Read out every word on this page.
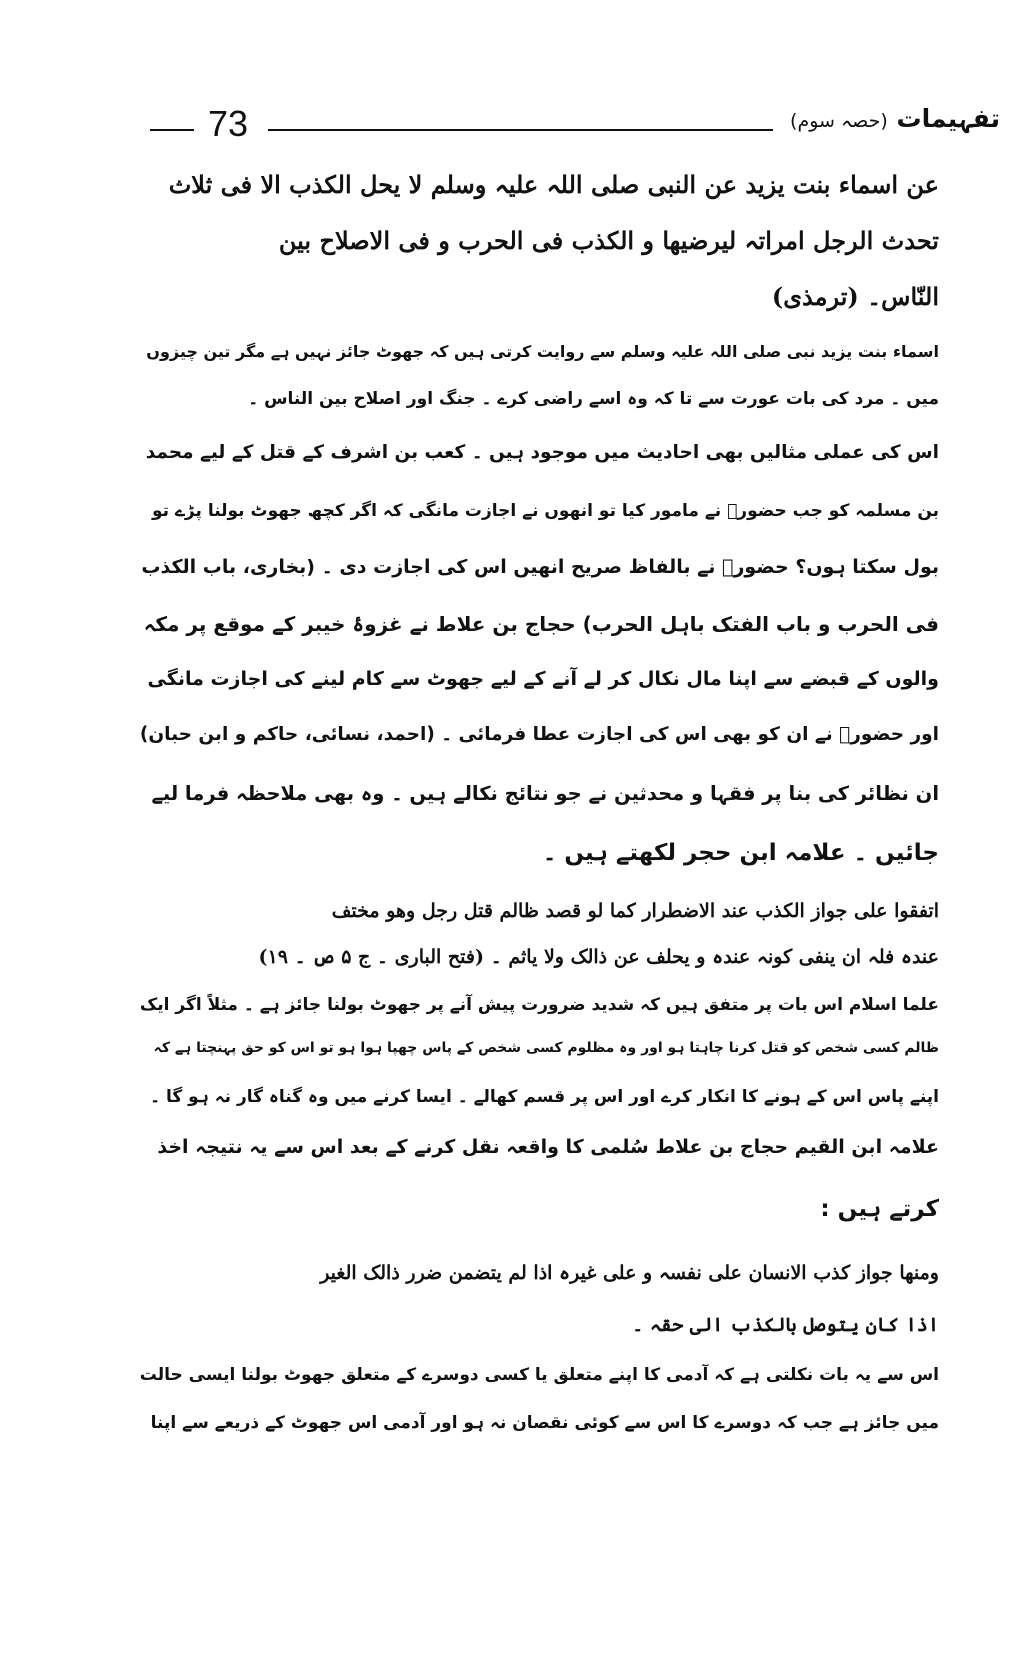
73	تفہیمات (حصہ سوم)
عن اسماء بنت یزید عن النبی صلی اللہ علیہ وسلم لا یحل الکذب الا فی ثلاث
تحدث الرجل امراتہ لیرضیھا و الکذب فی الحرب و فی الاصلاح بین
النّاس۔ (ترمذی)
اسماء بنت یزید نبی صلی اللہ علیہ وسلم سے روایت کرتی ہیں کہ جھوٹ جائز نہیں ہے مگر تین چیزوں
میں ۔ مرد کی بات عورت سے تا کہ وہ اسے راضی کرے ۔ جنگ اور اصلاح بین الناس ۔
اس کی عملی مثالیں بھی احادیث میں موجود ہیں ۔ کعب بن اشرف کے قتل کے لیے محمد
بن مسلمہ کو جب حضورؐ نے مامور کیا تو انھوں نے اجازت مانگی کہ اگر کچھ جھوٹ بولنا پڑے تو
بول سکتا ہوں؟ حضورؐ نے بالفاظ صریح انھیں اس کی اجازت دی ۔ (بخاری، باب الکذب
فی الحرب و باب الفتک باہل الحرب) حجاج بن علاط نے غزوۂ خیبر کے موقع پر مکہ
والوں کے قبضے سے اپنا مال نکال کر لے آنے کے لیے جھوٹ سے کام لینے کی اجازت مانگی
اور حضورؐ نے ان کو بھی اس کی اجازت عطا فرمائی ۔ (احمد، نسائی، حاکم و ابن حبان)
ان نظائر کی بنا پر فقہا و محدثین نے جو نتائج نکالے ہیں ۔ وہ بھی ملاحظہ فرما لیے
جائیں ۔ علامہ ابن حجر لکھتے ہیں ۔
اتفقوا علی جواز الکذب عند الاضطرار کما لو قصد ظالم قتل رجل وھو مختف
عندہ فلہ ان ینفی کونہ عندہ و یحلف عن ذالک ولا یاثم ۔ (فتح الباری ۔ ج ۵ ص ۔ ۱۹)
علما اسلام اس بات پر متفق ہیں کہ شدید ضرورت پیش آنے پر جھوٹ بولنا جائز ہے ۔ مثلاً اگر ایک
ظالم کسی شخص کو قتل کرنا چاہتا ہو اور وہ مظلوم کسی شخص کے پاس چھپا ہوا ہو تو اس کو حق پہنچتا ہے کہ
اپنے پاس اس کے ہونے کا انکار کرے اور اس پر قسم کھالے ۔ ایسا کرنے میں وہ گناہ گار نہ ہو گا ۔
علامہ ابن القیم حجاج بن علاط سُلمی کا واقعہ نقل کرنے کے بعد اس سے یہ نتیجہ اخذ
کرتے ہیں :
ومنھا جواز کذب الانسان علی نفسہ و علی غیرہ اذا لم یتضمن ضرر ذالک الغیر
اذا کان یتوصل بالکذب الی حقہ ۔
اس سے یہ بات نکلتی ہے کہ آدمی کا اپنے متعلق یا کسی دوسرے کے متعلق جھوٹ بولنا ایسی حالت
میں جائز ہے جب کہ دوسرے کا اس سے کوئی نقصان نہ ہو اور آدمی اس جھوٹ کے ذریعے سے اپنا
